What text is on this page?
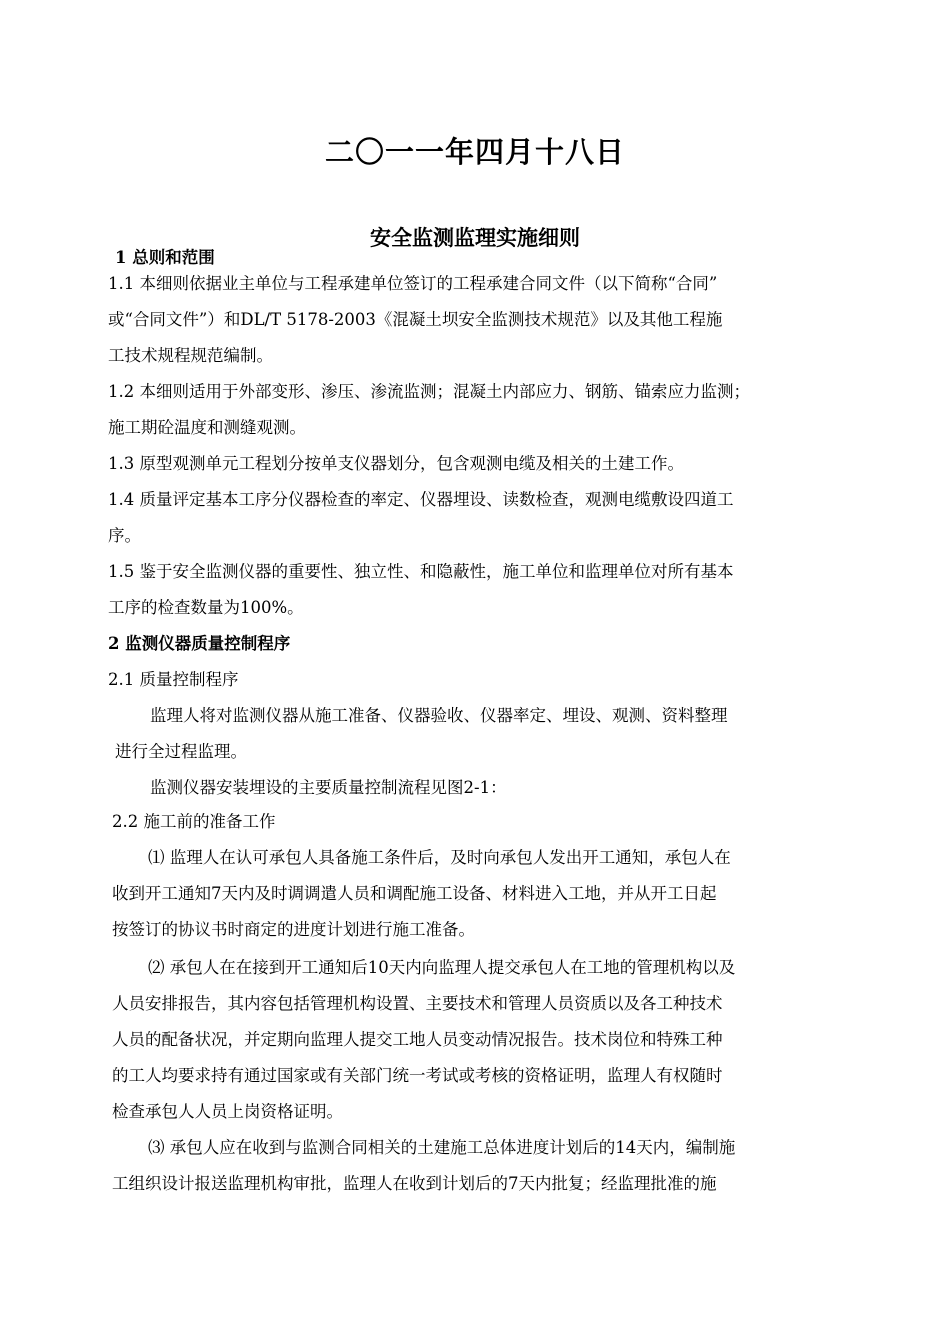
二〇一一年四月十八日
安全监测监理实施细则
1 总则和范围
1.1 本细则依据业主单位与工程承建单位签订的工程承建合同文件（以下简称“合同”
或“合同文件”）和DL/T 5178-2003《混凝土坝安全监测技术规范》以及其他工程施
工技术规程规范编制。
1.2 本细则适用于外部变形、渗压、渗流监测；混凝土内部应力、钢筋、锚索应力监测；
施工期砼温度和测缝观测。
1.3 原型观测单元工程划分按单支仪器划分，包含观测电缆及相关的土建工作。
1.4 质量评定基本工序分仪器检查的率定、仪器埋设、读数检查，观测电缆敷设四道工
序。
1.5 鉴于安全监测仪器的重要性、独立性、和隐蔽性，施工单位和监理单位对所有基本
工序的检查数量为100%。
2 监测仪器质量控制程序
2.1 质量控制程序
监理人将对监测仪器从施工准备、仪器验收、仪器率定、埋设、观测、资料整理
进行全过程监理。
监测仪器安装埋设的主要质量控制流程见图2-1：
2.2 施工前的准备工作
⑴ 监理人在认可承包人具备施工条件后，及时向承包人发出开工通知，承包人在
收到开工通知7天内及时调调遣人员和调配施工设备、材料进入工地，并从开工日起
按签订的协议书时商定的进度计划进行施工准备。
⑵ 承包人在在接到开工通知后10天内向监理人提交承包人在工地的管理机构以及
人员安排报告，其内容包括管理机构设置、主要技术和管理人员资质以及各工种技术
人员的配备状况，并定期向监理人提交工地人员变动情况报告。技术岗位和特殊工种
的工人均要求持有通过国家或有关部门统一考试或考核的资格证明，监理人有权随时
检查承包人人员上岗资格证明。
⑶ 承包人应在收到与监测合同相关的土建施工总体进度计划后的14天内，编制施
工组织设计报送监理机构审批，监理人在收到计划后的7天内批复；经监理批准的施
